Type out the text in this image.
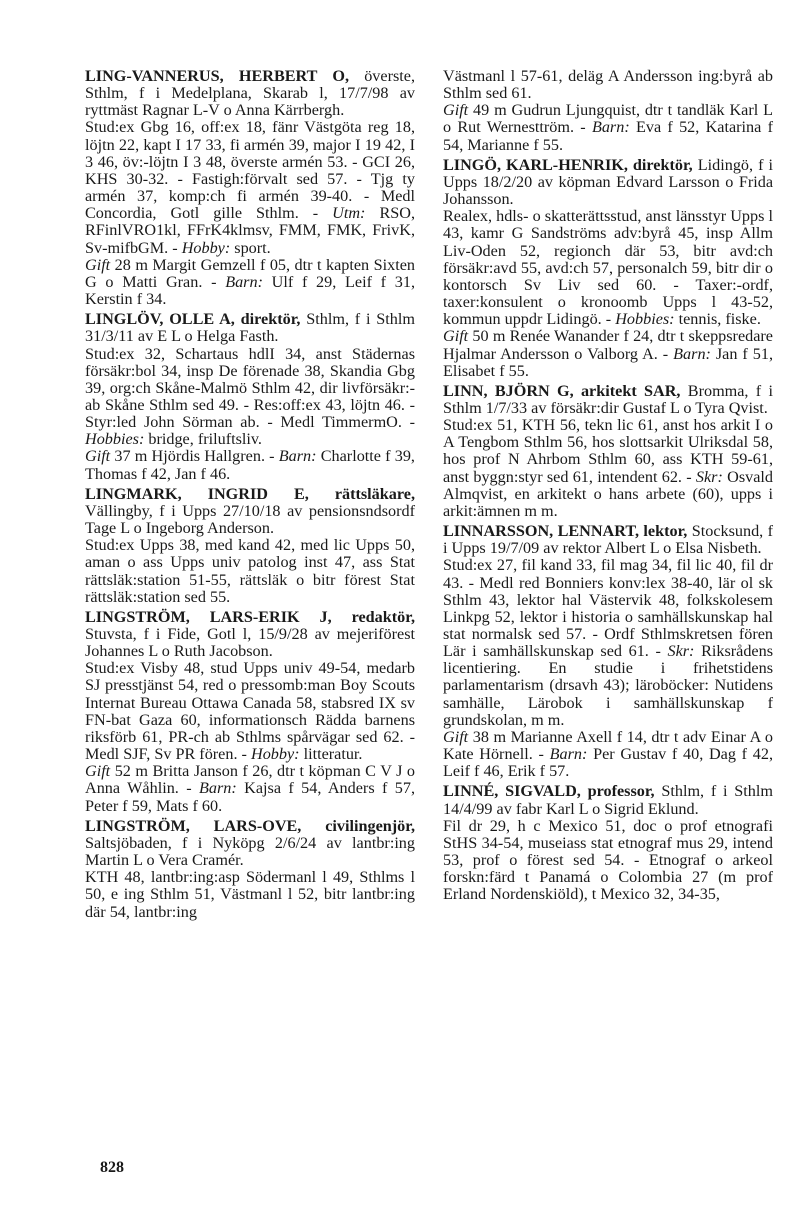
LING-VANNERUS, HERBERT O, överste, Sthlm, f i Medelplana, Skarab l, 17/7/98 av ryttmäst Ragnar L-V o Anna Kärrbergh.
Stud:ex Gbg 16, off:ex 18, fänr Västgöta reg 18, löjtn 22, kapt I 17 33, fi armén 39, major I 19 42, I 3 46, öv:-löjtn I 3 48, överste armén 53. - GCI 26, KHS 30-32. - Fastigh:förvalt sed 57. - Tjg ty armén 37, komp:ch fi armén 39-40. - Medl Concordia, Gotl gille Sthlm. - Utm: RSO, RFinlVRO1kl, FFrK4klmsv, FMM, FMK, FrivK, Sv-mifbGM. - Hobby: sport.
Gift 28 m Margit Gemzell f 05, dtr t kapten Sixten G o Matti Gran. - Barn: Ulf f 29, Leif f 31, Kerstin f 34.
LINGLÖV, OLLE A, direktör, Sthlm, f i Sthlm 31/3/11 av E L o Helga Fasth.
Stud:ex 32, Schartaus hdlI 34, anst Städernas försäkr:bol 34, insp De förenade 38, Skandia Gbg 39, org:ch Skåne-Malmö Sthlm 42, dir livförsäkr:-ab Skåne Sthlm sed 49. - Res:off:ex 43, löjtn 46. - Styr:led John Sörman ab. - Medl TimmermO. - Hobbies: bridge, friluftsliv.
Gift 37 m Hjördis Hallgren. - Barn: Charlotte f 39, Thomas f 42, Jan f 46.
LINGMARK, INGRID E, rättsläkare, Vällingby, f i Upps 27/10/18 av pensionsndsordf Tage L o Ingeborg Anderson.
Stud:ex Upps 38, med kand 42, med lic Upps 50, aman o ass Upps univ patolog inst 47, ass Stat rättsläk:station 51-55, rättsläk o bitr förest Stat rättsläk:station sed 55.
LINGSTRÖM, LARS-ERIK J, redaktör, Stuvsta, f i Fide, Gotl l, 15/9/28 av mejeriförest Johannes L o Ruth Jacobson.
Stud:ex Visby 48, stud Upps univ 49-54, medarb SJ presstjänst 54, red o pressomb:man Boy Scouts Internat Bureau Ottawa Canada 58, stabsred IX sv FN-bat Gaza 60, informationsch Rädda barnens riksförb 61, PR-ch ab Sthlms spårvägar sed 62. - Medl SJF, Sv PR fören. - Hobby: litteratur.
Gift 52 m Britta Janson f 26, dtr t köpman C V J o Anna Wåhlin. - Barn: Kajsa f 54, Anders f 57, Peter f 59, Mats f 60.
LINGSTRÖM, LARS-OVE, civilingenjör, Saltsjöbaden, f i Nyköpg 2/6/24 av lantbr:ing Martin L o Vera Cramér.
KTH 48, lantbr:ing:asp Södermanl l 49, Sthlms l 50, e ing Sthlm 51, Västmanl l 52, bitr lantbr:ing där 54, lantbr:ing
Västmanl l 57-61, deläg A Andersson ing:byrå ab Sthlm sed 61.
Gift 49 m Gudrun Ljungquist, dtr t tandläk Karl L o Rut Wernesttröm. - Barn: Eva f 52, Katarina f 54, Marianne f 55.
LINGÖ, KARL-HENRIK, direktör, Lidingö, f i Upps 18/2/20 av köpman Edvard Larsson o Frida Johansson.
Realex, hdls- o skatterättsstud, anst länsstyr Upps l 43, kamr G Sandströms adv:byrå 45, insp Allm Liv-Oden 52, regionch där 53, bitr avd:ch försäkr:avd 55, avd:ch 57, personalch 59, bitr dir o kontorsch Sv Liv sed 60. - Taxer:-ordf, taxer:konsulent o kronoomb Upps l 43-52, kommun uppdr Lidingö. - Hobbies: tennis, fiske.
Gift 50 m Renée Wanander f 24, dtr t skeppsredare Hjalmar Andersson o Valborg A. - Barn: Jan f 51, Elisabet f 55.
LINN, BJÖRN G, arkitekt SAR, Bromma, f i Sthlm 1/7/33 av försäkr:dir Gustaf L o Tyra Qvist.
Stud:ex 51, KTH 56, tekn lic 61, anst hos arkit I o A Tengbom Sthlm 56, hos slottsarkit Ulriksdal 58, hos prof N Ahrbom Sthlm 60, ass KTH 59-61, anst byggn:styr sed 61, intendent 62. - Skr: Osvald Almqvist, en arkitekt o hans arbete (60), upps i arkit:ämnen m m.
LINNARSSON, LENNART, lektor, Stocksund, f i Upps 19/7/09 av rektor Albert L o Elsa Nisbeth.
Stud:ex 27, fil kand 33, fil mag 34, fil lic 40, fil dr 43. - Medl red Bonniers konv:lex 38-40, lär ol sk Sthlm 43, lektor hal Västervik 48, folkskolesem Linkpg 52, lektor i historia o samhällskunskap hal stat normalsk sed 57. - Ordf Sthlmskretsen fören Lär i samhällskunskap sed 61. - Skr: Riksrådens licentiering. En studie i frihetstidens parlamentarism (drsavh 43); läroböcker: Nutidens samhälle, Lärobok i samhällskunskap f grundskolan, m m.
Gift 38 m Marianne Axell f 14, dtr t adv Einar A o Kate Hörnell. - Barn: Per Gustav f 40, Dag f 42, Leif f 46, Erik f 57.
LINNÉ, SIGVALD, professor, Sthlm, f i Sthlm 14/4/99 av fabr Karl L o Sigrid Eklund.
Fil dr 29, h c Mexico 51, doc o prof etnografi StHS 34-54, museiass stat etnograf mus 29, intend 53, prof o förest sed 54. - Etnograf o arkeol forskn:färd t Panamá o Colombia 27 (m prof Erland Nordenskiöld), t Mexico 32, 34-35,
828
